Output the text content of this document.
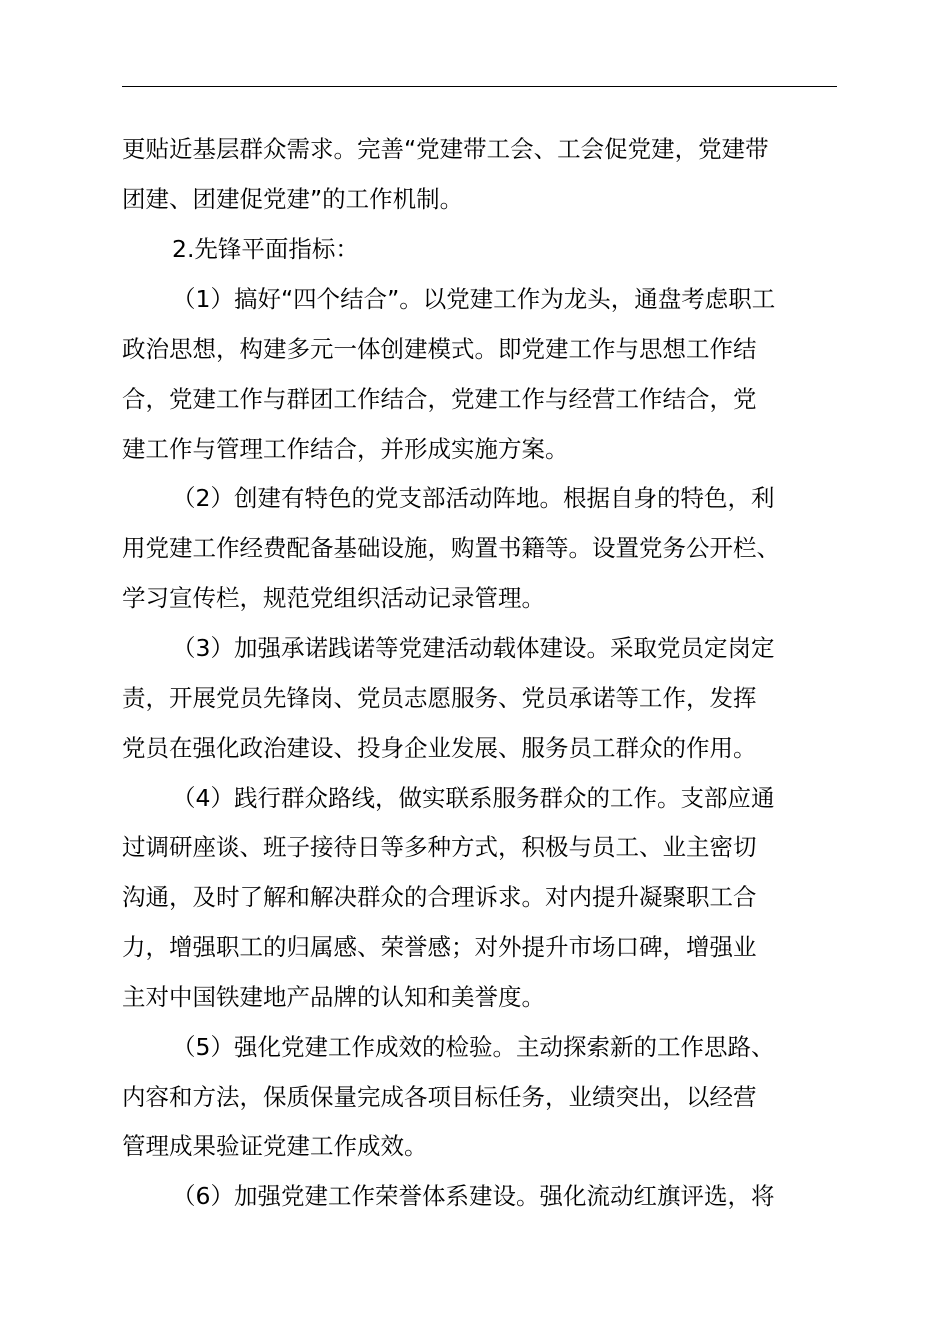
更贴近基层群众需求。完善“党建带工会、工会促党建，党建带
团建、团建促党建”的工作机制。
2.先锋平面指标：
（1）搞好“四个结合”。以党建工作为龙头，通盘考虑职工
政治思想，构建多元一体创建模式。即党建工作与思想工作结
合，党建工作与群团工作结合，党建工作与经营工作结合，党
建工作与管理工作结合，并形成实施方案。
（2）创建有特色的党支部活动阵地。根据自身的特色，利
用党建工作经费配备基础设施，购置书籍等。设置党务公开栏、
学习宣传栏，规范党组织活动记录管理。
（3）加强承诺践诺等党建活动载体建设。采取党员定岗定
责，开展党员先锋岗、党员志愿服务、党员承诺等工作，发挥
党员在强化政治建设、投身企业发展、服务员工群众的作用。
（4）践行群众路线，做实联系服务群众的工作。支部应通
过调研座谈、班子接待日等多种方式，积极与员工、业主密切
沟通，及时了解和解决群众的合理诉求。对内提升凝聚职工合
力，增强职工的归属感、荣誉感；对外提升市场口碑，增强业
主对中国铁建地产品牌的认知和美誉度。
（5）强化党建工作成效的检验。主动探索新的工作思路、
内容和方法，保质保量完成各项目标任务，业绩突出，以经营
管理成果验证党建工作成效。
（6）加强党建工作荣誉体系建设。强化流动红旗评选，将
